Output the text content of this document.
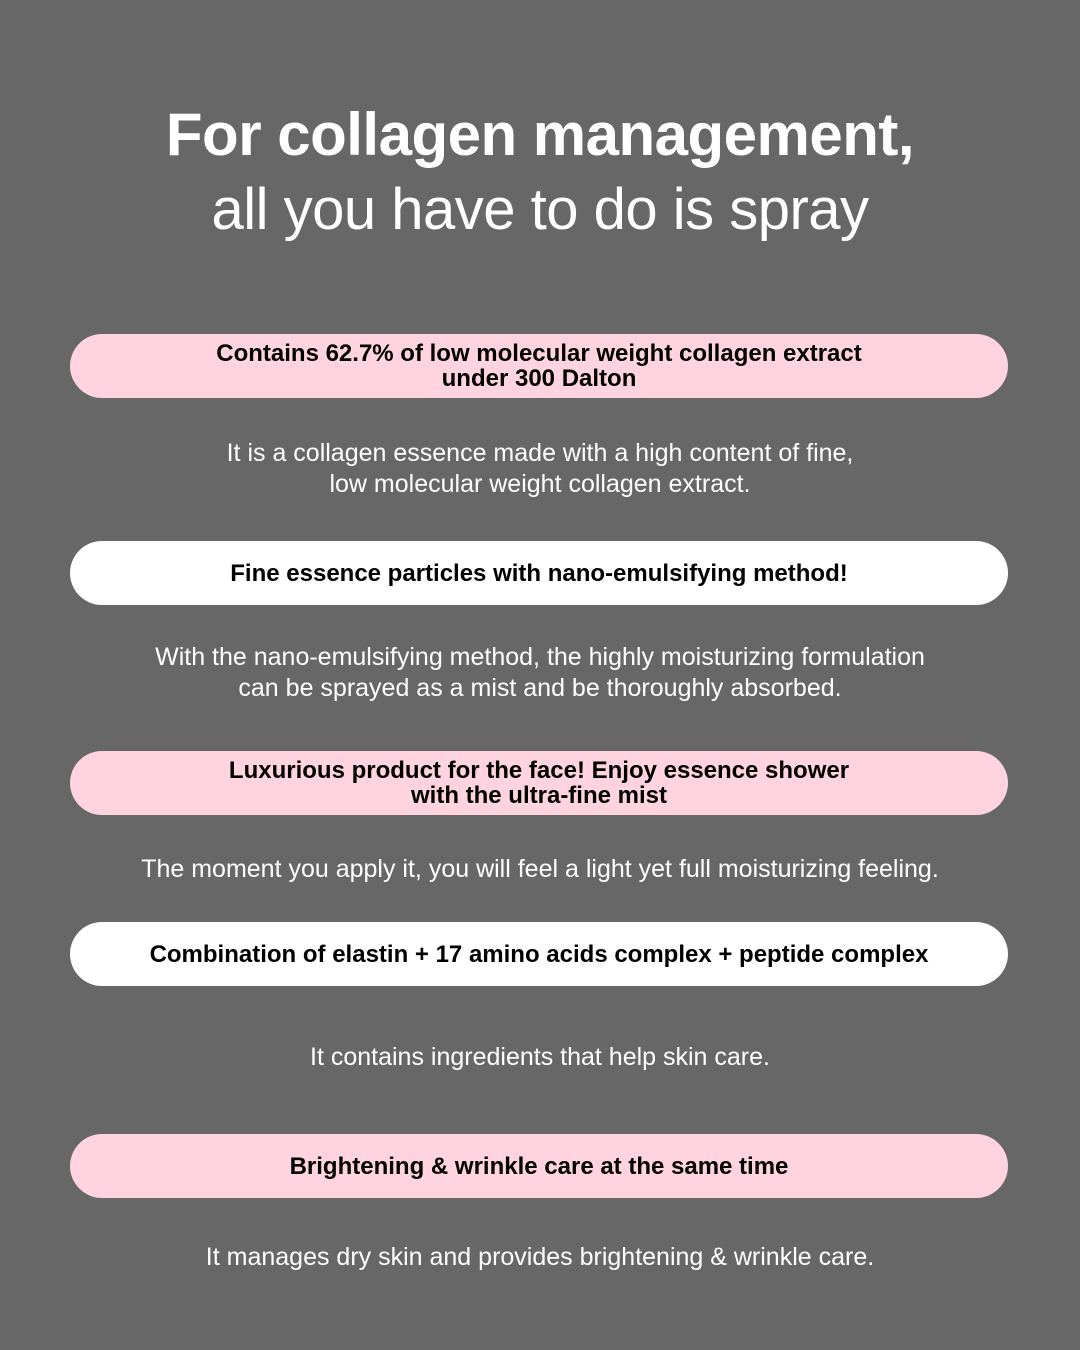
For collagen management,
all you have to do is spray
Contains 62.7% of low molecular weight collagen extract
under 300 Dalton
It is a collagen essence made with a high content of fine,
low molecular weight collagen extract.
Fine essence particles with nano-emulsifying method!
With the nano-emulsifying method, the highly moisturizing formulation
can be sprayed as a mist and be thoroughly absorbed.
Luxurious product for the face! Enjoy essence shower
with the ultra-fine mist
The moment you apply it, you will feel a light yet full moisturizing feeling.
Combination of elastin + 17 amino acids complex + peptide complex
It contains ingredients that help skin care.
Brightening & wrinkle care at the same time
It manages dry skin and provides brightening & wrinkle care.
